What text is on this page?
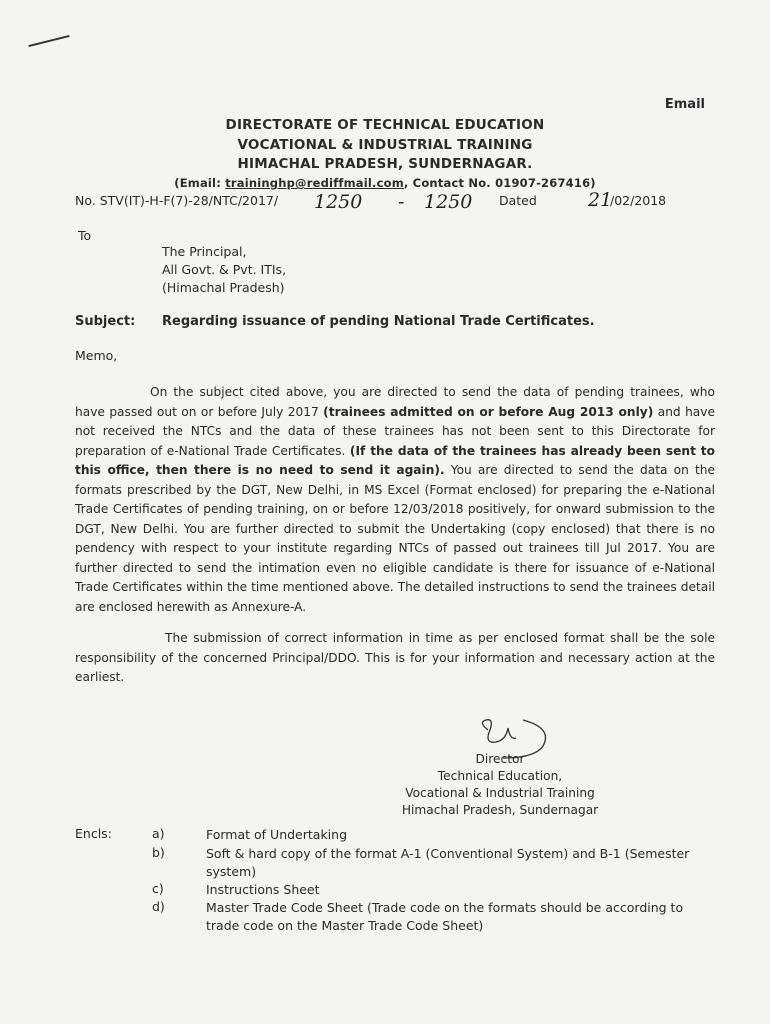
Email
DIRECTORATE OF TECHNICAL EDUCATION
VOCATIONAL & INDUSTRIAL TRAINING
HIMACHAL PRADESH, SUNDERNAGAR.
(Email: traininghp@rediffmail.com, Contact No. 01907-267416)
No. STV(IT)-H-F(7)-28/NTC/2017/ 1250 - 1250 Dated	21
/02/2018
To
The Principal,
All Govt. & Pvt. ITIs,
(Himachal Pradesh)
Subject: Regarding issuance of pending National Trade Certificates.
Memo,
On the subject cited above, you are directed to send the data of pending trainees, who have passed out on or before July 2017 (trainees admitted on or before Aug 2013 only) and have not received the NTCs and the data of these trainees has not been sent to this Directorate for preparation of e-National Trade Certificates. (If the data of the trainees has already been sent to this office, then there is no need to send it again). You are directed to send the data on the formats prescribed by the DGT, New Delhi, in MS Excel (Format enclosed) for preparing the e-National Trade Certificates of pending training, on or before 12/03/2018 positively, for onward submission to the DGT, New Delhi. You are further directed to submit the Undertaking (copy enclosed) that there is no pendency with respect to your institute regarding NTCs of passed out trainees till Jul 2017. You are further directed to send the intimation even no eligible candidate is there for issuance of e-National Trade Certificates within the time mentioned above. The detailed instructions to send the trainees detail are enclosed herewith as Annexure-A.
The submission of correct information in time as per enclosed format shall be the sole responsibility of the concerned Principal/DDO. This is for your information and necessary action at the earliest.
Director
Technical Education,
Vocational & Industrial Training
Himachal Pradesh, Sundernagar
Encls:	a)	Format of Undertaking
b)	Soft & hard copy of the format A-1 (Conventional System) and B-1 (Semester system)
c)	Instructions Sheet
d)	Master Trade Code Sheet (Trade code on the formats should be according to trade code on the Master Trade Code Sheet)
